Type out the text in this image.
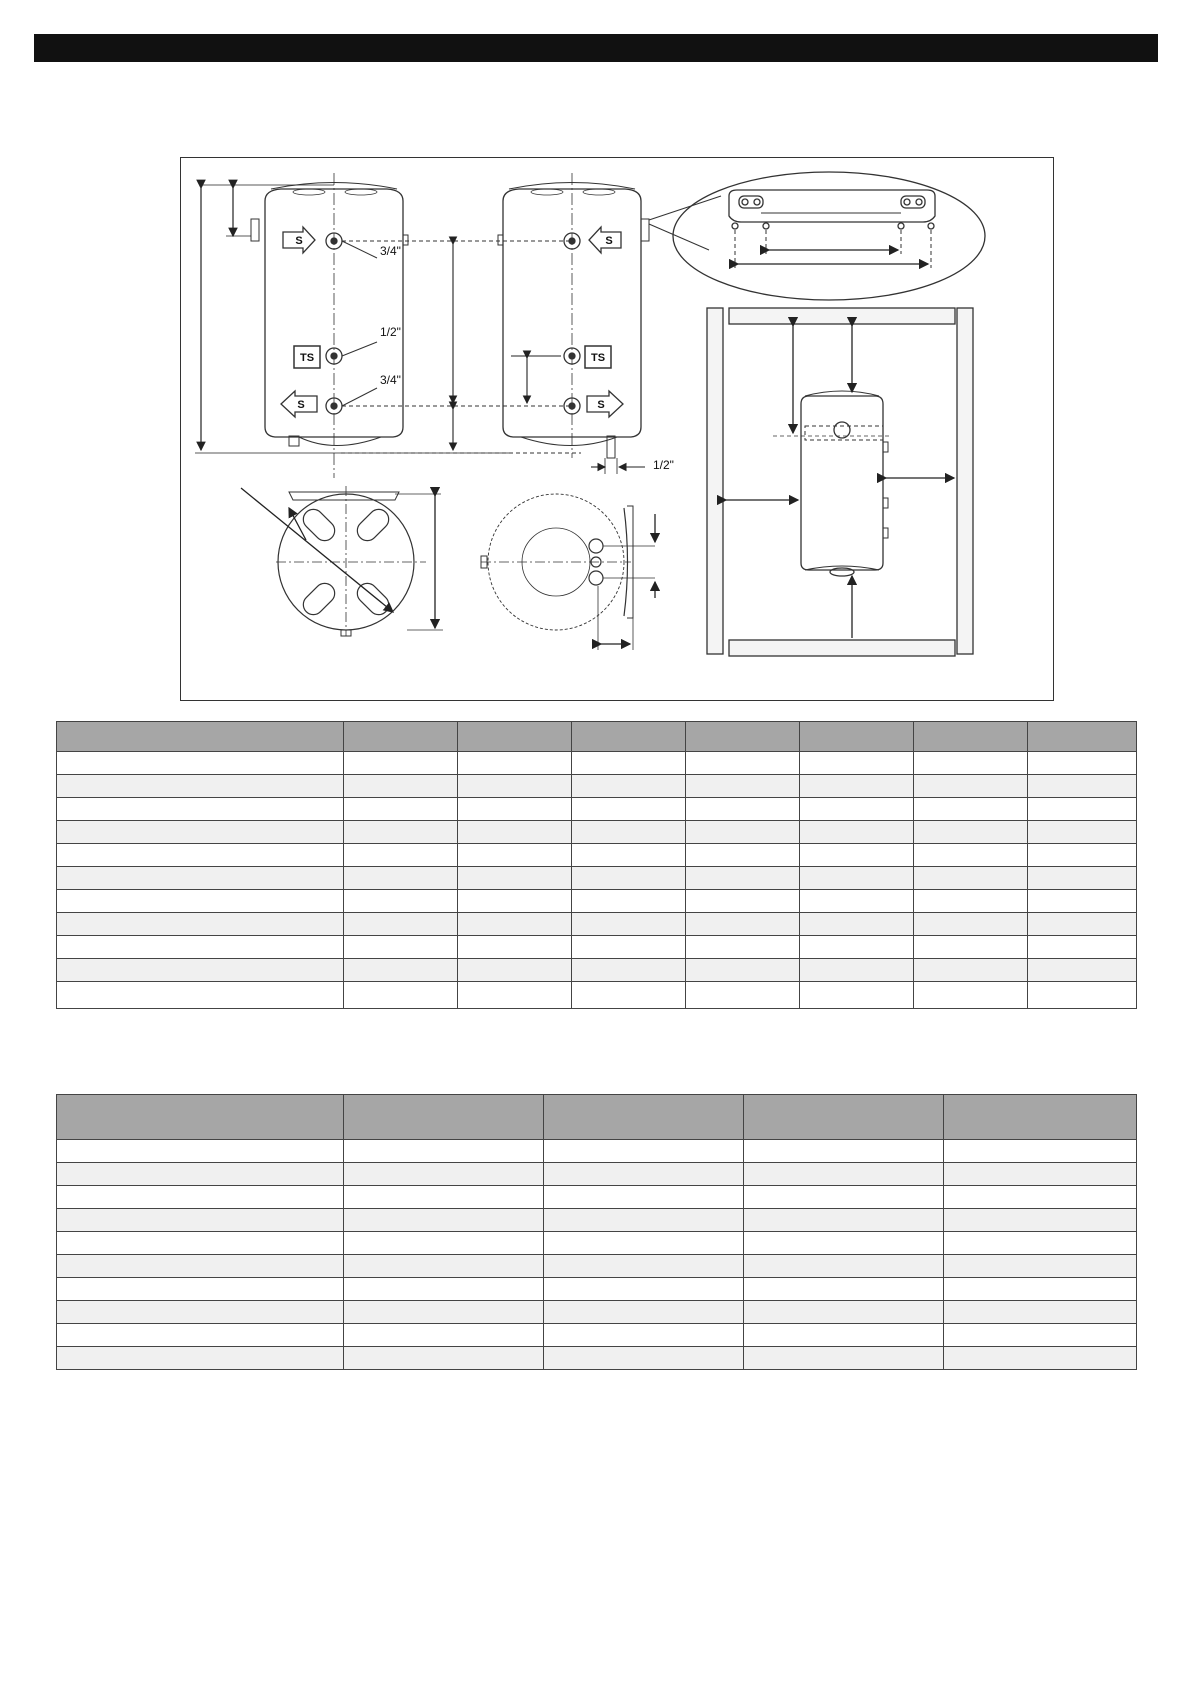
S
TS
S
3/4"
1/2"
3/4"
S
TS
S
1/2"
